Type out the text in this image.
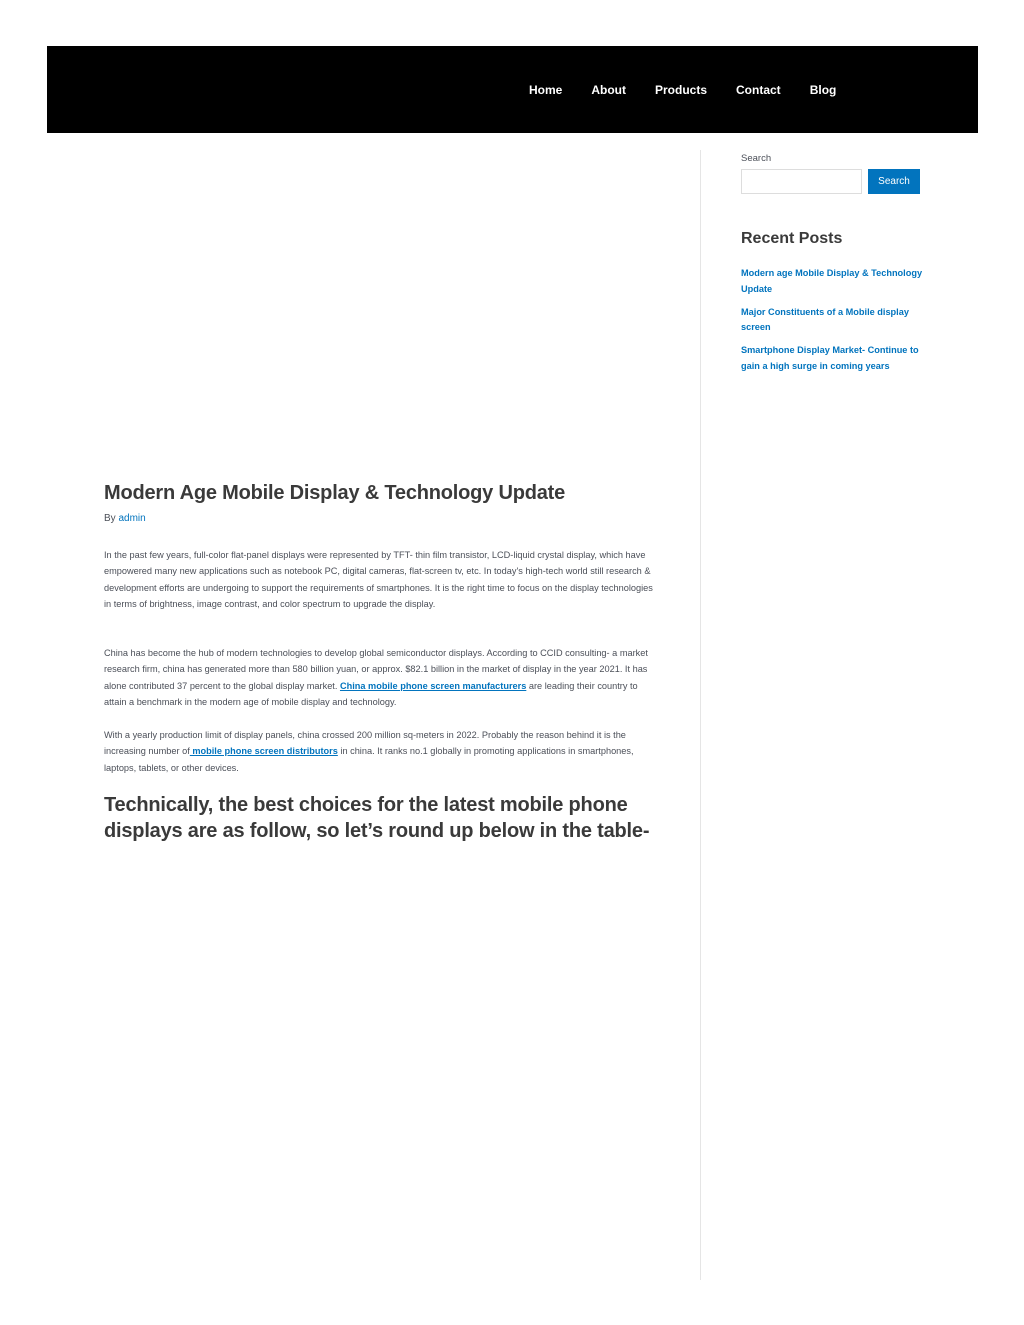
Home About Products Contact Blog
Modern Age Mobile Display & Technology Update
By admin

In the past few years, full-color flat-panel displays were represented by TFT- thin film transistor, LCD-liquid crystal display, which have empowered many new applications such as notebook PC, digital cameras, flat-screen tv, etc. In today's high-tech world still research & development efforts are undergoing to support the requirements of smartphones. It is the right time to focus on the display technologies in terms of brightness, image contrast, and color spectrum to upgrade the display.

China has become the hub of modern technologies to develop global semiconductor displays. According to CCID consulting- a market research firm, china has generated more than 580 billion yuan, or approx. $82.1 billion in the market of display in the year 2021. It has alone contributed 37 percent to the global display market. China mobile phone screen manufacturers are leading their country to attain a benchmark in the modern age of mobile display and technology.

With a yearly production limit of display panels, china crossed 200 million sq-meters in 2022. Probably the reason behind it is the increasing number of mobile phone screen distributors in china. It ranks no.1 globally in promoting applications in smartphones, laptops, tablets, or other devices.

Technically, the best choices for the latest mobile phone displays are as follow, so let’s round up below in the table-
Search
Search
Recent Posts
Modern age Mobile Display & Technology Update
Major Constituents of a Mobile display screen
Smartphone Display Market- Continue to gain a high surge in coming years
